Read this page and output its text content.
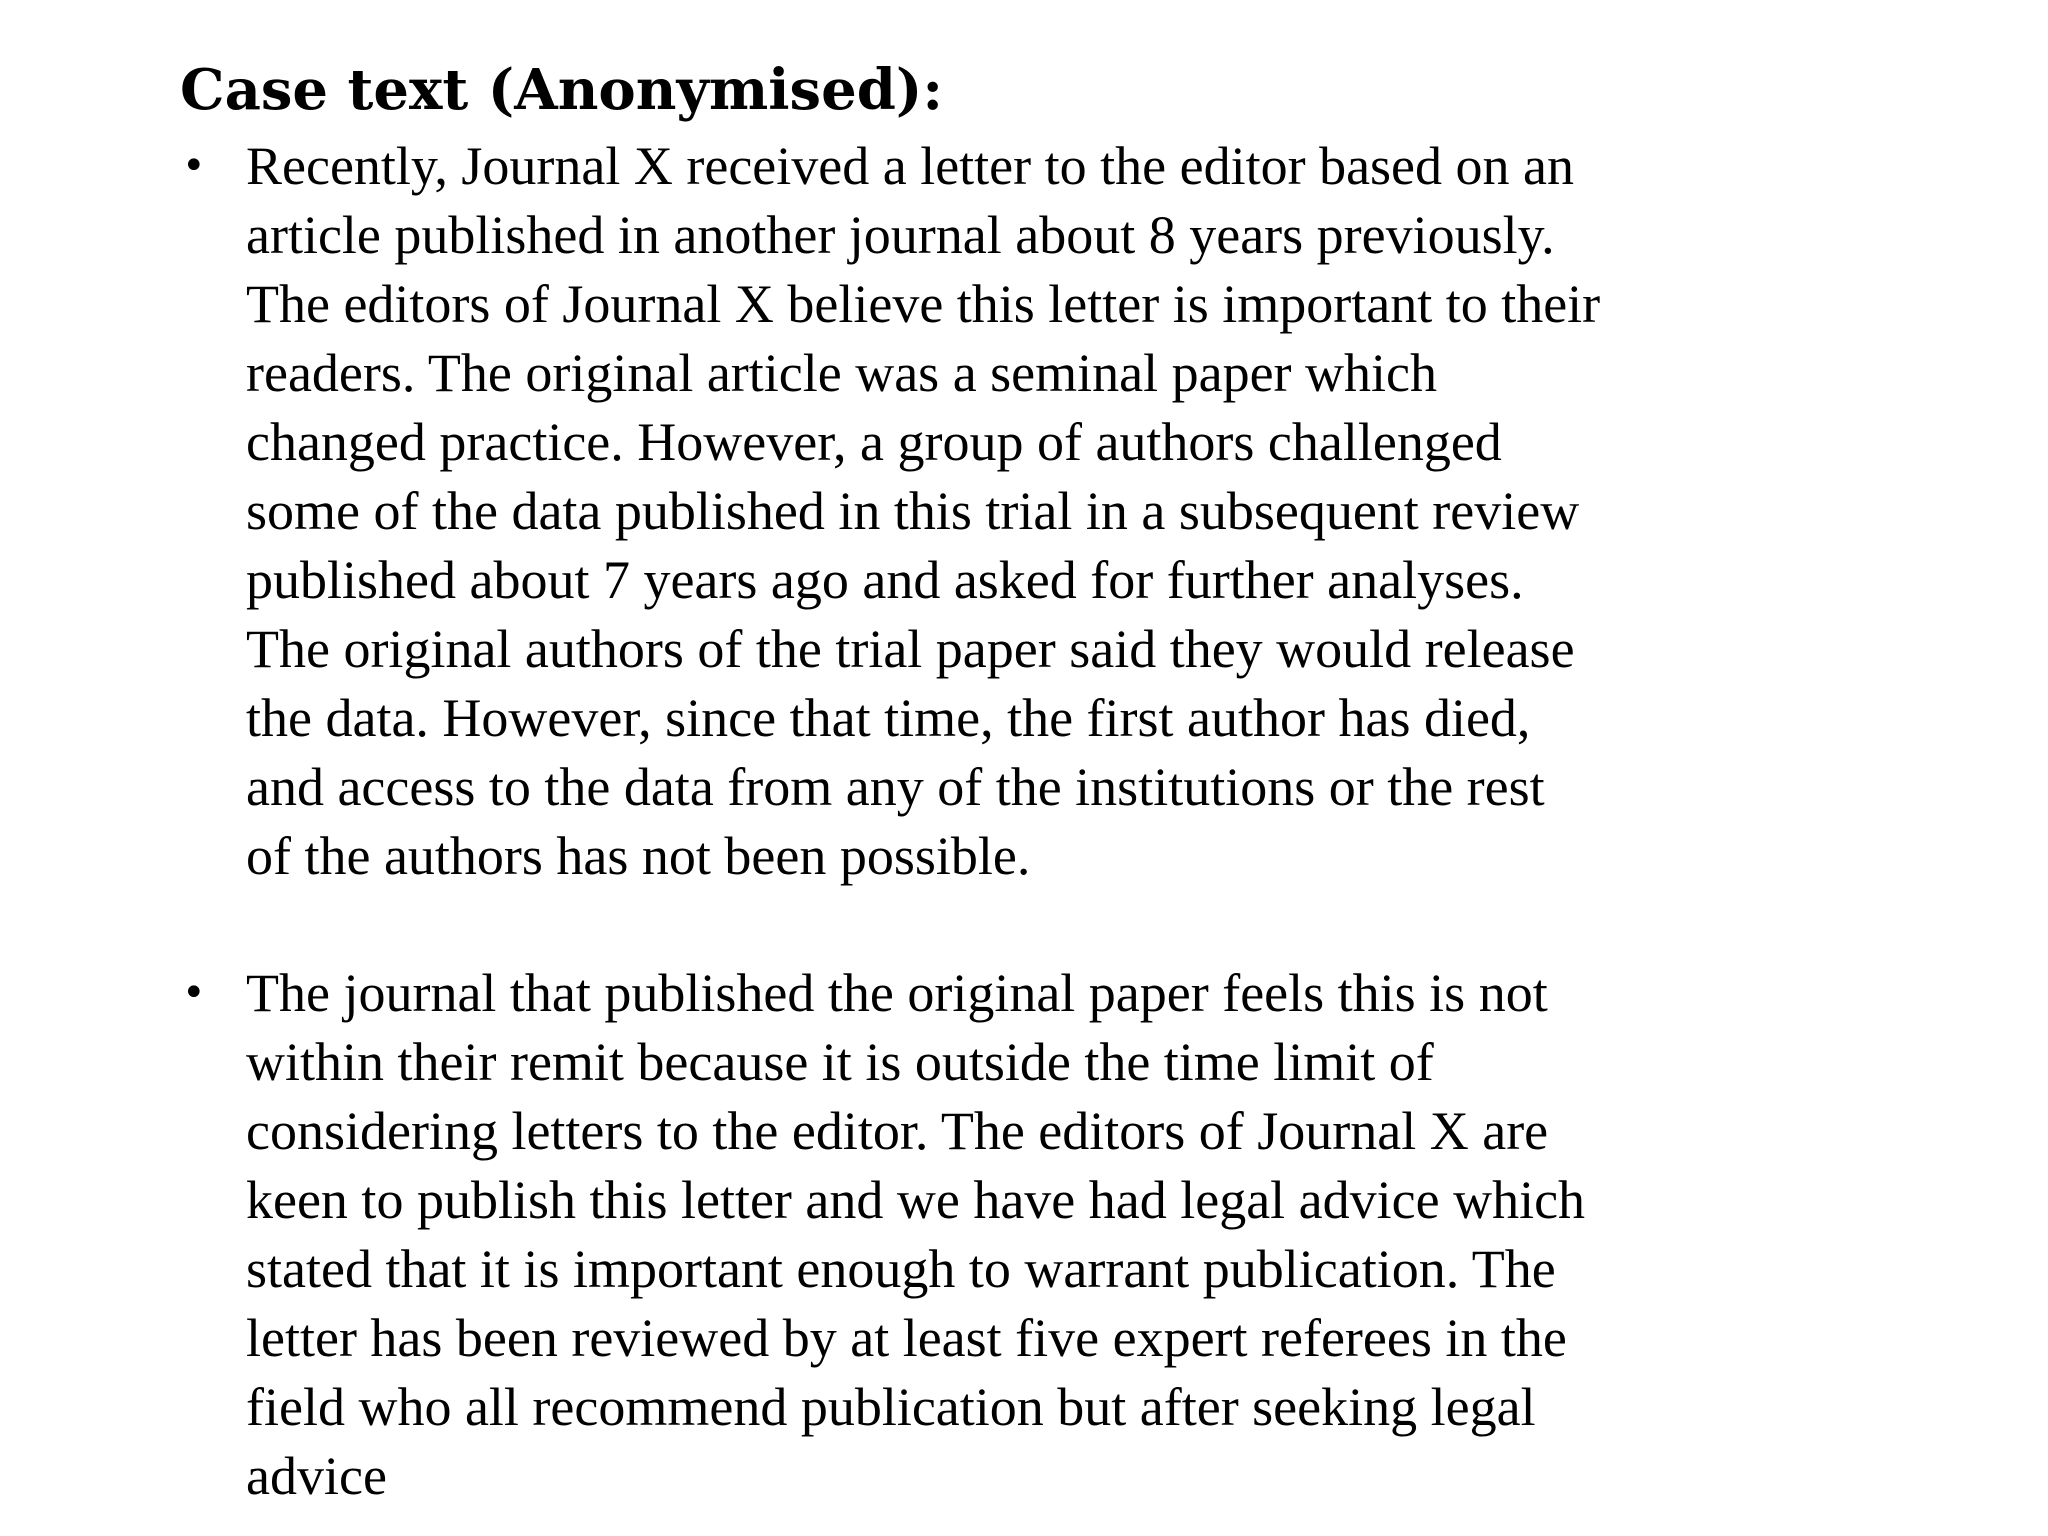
Case text (Anonymised):
• Recently, Journal X received a letter to the editor based on an
article published in another journal about 8 years previously.
The editors of Journal X believe this letter is important to their
readers. The original article was a seminal paper which
changed practice. However, a group of authors challenged
some of the data published in this trial in a subsequent review
published about 7 years ago and asked for further analyses.
The original authors of the trial paper said they would release
the data. However, since that time, the first author has died,
and access to the data from any of the institutions or the rest
of the authors has not been possible.
• The journal that published the original paper feels this is not
within their remit because it is outside the time limit of
considering letters to the editor. The editors of Journal X are
keen to publish this letter and we have had legal advice which
stated that it is important enough to warrant publication. The
letter has been reviewed by at least five expert referees in the
field who all recommend publication but after seeking legal
advice
